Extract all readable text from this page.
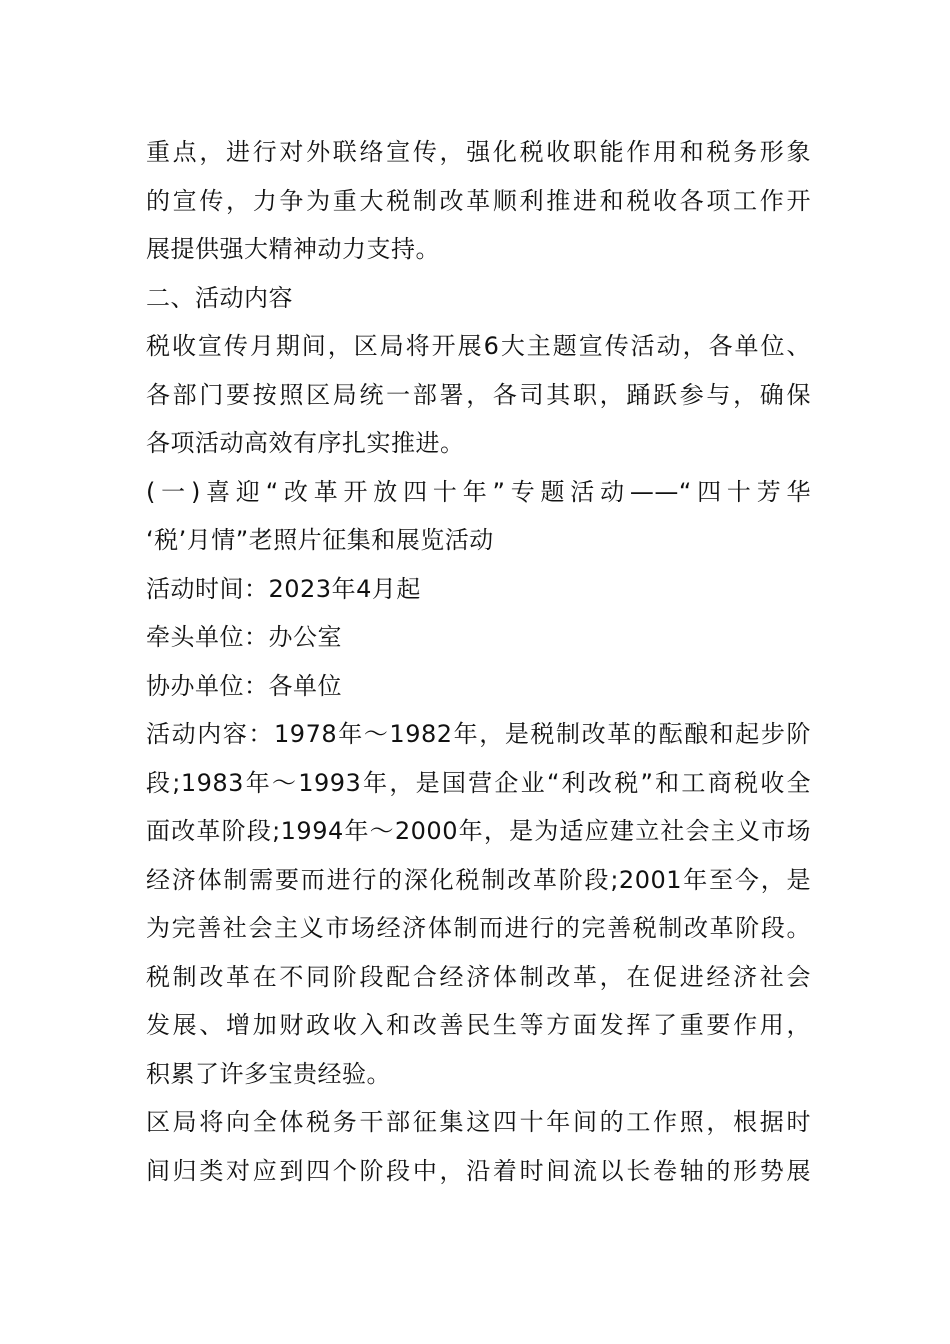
重点，进行对外联络宣传，强化税收职能作用和税务形象
的宣传，力争为重大税制改革顺利推进和税收各项工作开
展提供强大精神动力支持。
二、活动内容
税收宣传月期间，区局将开展6大主题宣传活动，各单位、
各部门要按照区局统一部署，各司其职，踊跃参与，确保
各项活动高效有序扎实推进。
(一)喜迎“改革开放四十年”专题活动——“四十芳华
‘税’月情”老照片征集和展览活动
活动时间：2023年4月起
牵头单位：办公室
协办单位：各单位
活动内容：1978年～1982年，是税制改革的酝酿和起步阶
段;1983年～1993年，是国营企业“利改税”和工商税收全
面改革阶段;1994年～2000年，是为适应建立社会主义市场
经济体制需要而进行的深化税制改革阶段;2001年至今，是
为完善社会主义市场经济体制而进行的完善税制改革阶段。
税制改革在不同阶段配合经济体制改革，在促进经济社会
发展、增加财政收入和改善民生等方面发挥了重要作用，
积累了许多宝贵经验。
区局将向全体税务干部征集这四十年间的工作照，根据时
间归类对应到四个阶段中，沿着时间流以长卷轴的形势展
